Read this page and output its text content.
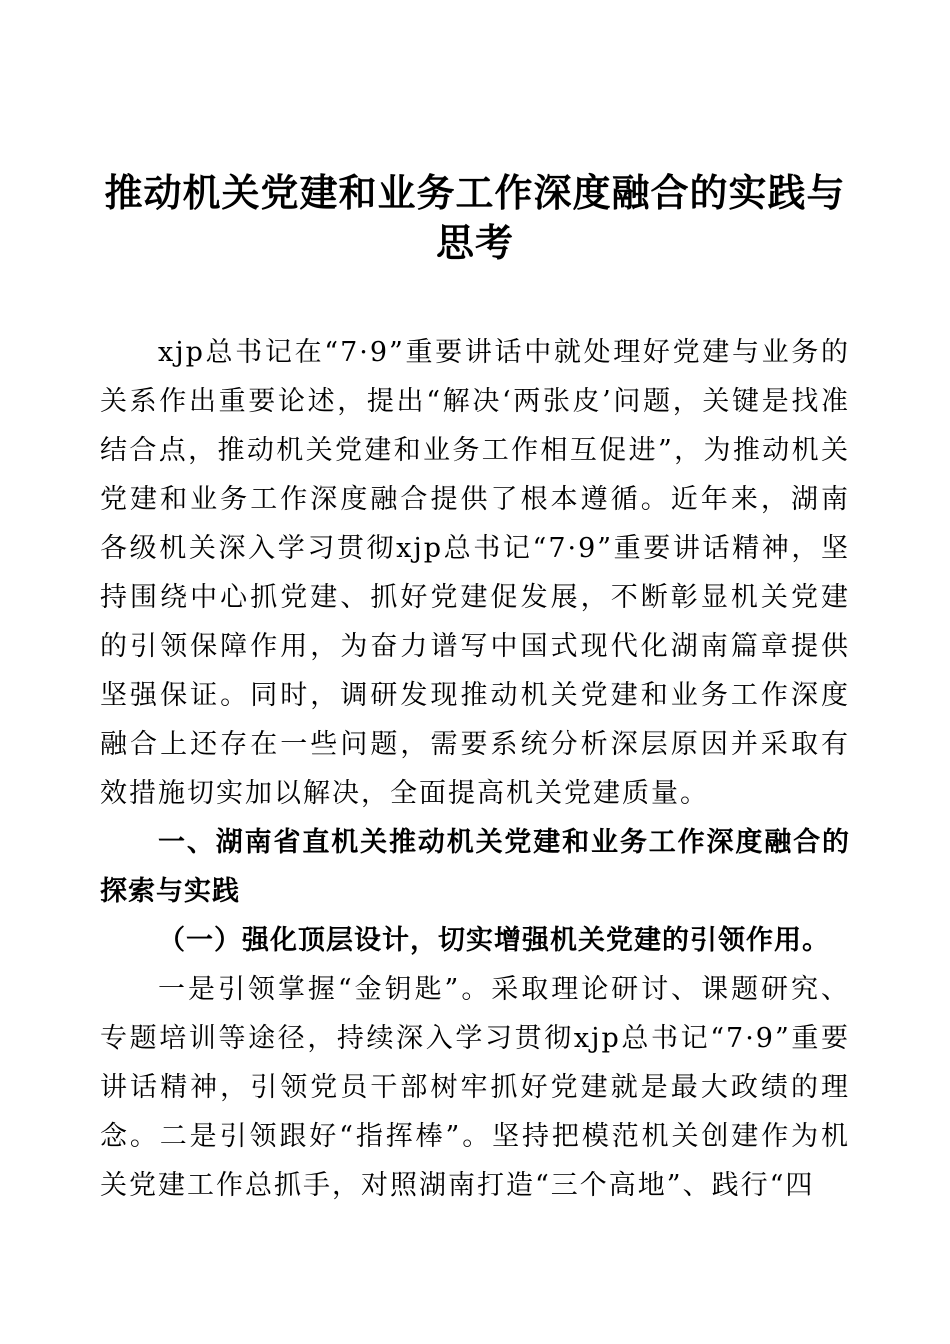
推动机关党建和业务工作深度融合的实践与思考

xjp总书记在“7·9”重要讲话中就处理好党建与业务的关系作出重要论述，提出“解决‘两张皮’问题，关键是找准结合点，推动机关党建和业务工作相互促进”，为推动机关党建和业务工作深度融合提供了根本遵循。近年来，湖南各级机关深入学习贯彻xjp总书记“7·9”重要讲话精神，坚持围绕中心抓党建、抓好党建促发展，不断彰显机关党建的引领保障作用，为奋力谱写中国式现代化湖南篇章提供坚强保证。同时，调研发现推动机关党建和业务工作深度融合上还存在一些问题，需要系统分析深层原因并采取有效措施切实加以解决，全面提高机关党建质量。

一、湖南省直机关推动机关党建和业务工作深度融合的探索与实践

（一）强化顶层设计，切实增强机关党建的引领作用。

一是引领掌握“金钥匙”。采取理论研讨、课题研究、专题培训等途径，持续深入学习贯彻xjp总书记“7·9”重要讲话精神，引领党员干部树牢抓好党建就是最大政绩的理念。二是引领跟好“指挥棒”。坚持把模范机关创建作为机关党建工作总抓手，对照湖南打造“三个高地”、践行“四
